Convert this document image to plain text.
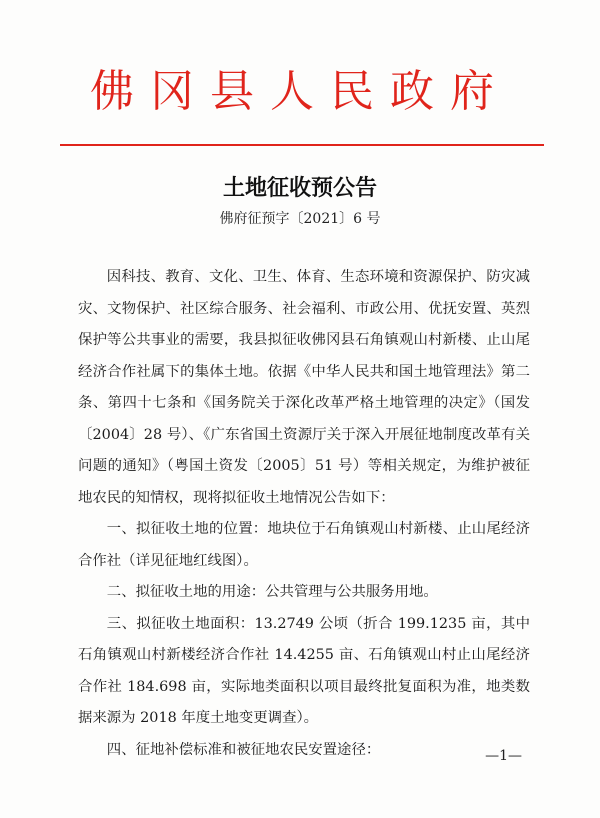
佛冈县人民政府
土地征收预公告
佛府征预字〔2021〕6 号

因科技、教育、文化、卫生、体育、生态环境和资源保护、防灾减灾、文物保护、社区综合服务、社会福利、市政公用、优抚安置、英烈保护等公共事业的需要，我县拟征收佛冈县石角镇观山村新楼、止山尾经济合作社属下的集体土地。依据《中华人民共和国土地管理法》第二条、第四十七条和《国务院关于深化改革严格土地管理的决定》（国发〔2004〕28 号）、《广东省国土资源厅关于深入开展征地制度改革有关问题的通知》（粤国土资发〔2005〕51 号）等相关规定，为维护被征地农民的知情权，现将拟征收土地情况公告如下：

一、拟征收土地的位置：地块位于石角镇观山村新楼、止山尾经济合作社（详见征地红线图）。

二、拟征收土地的用途：公共管理与公共服务用地。

三、拟征收土地面积：13.2749 公顷（折合 199.1235 亩，其中石角镇观山村新楼经济合作社 14.4255 亩、石角镇观山村止山尾经济合作社 184.698 亩，实际地类面积以项目最终批复面积为准，地类数据来源为 2018 年度土地变更调查）。

四、征地补偿标准和被征地农民安置途径：	—1—
